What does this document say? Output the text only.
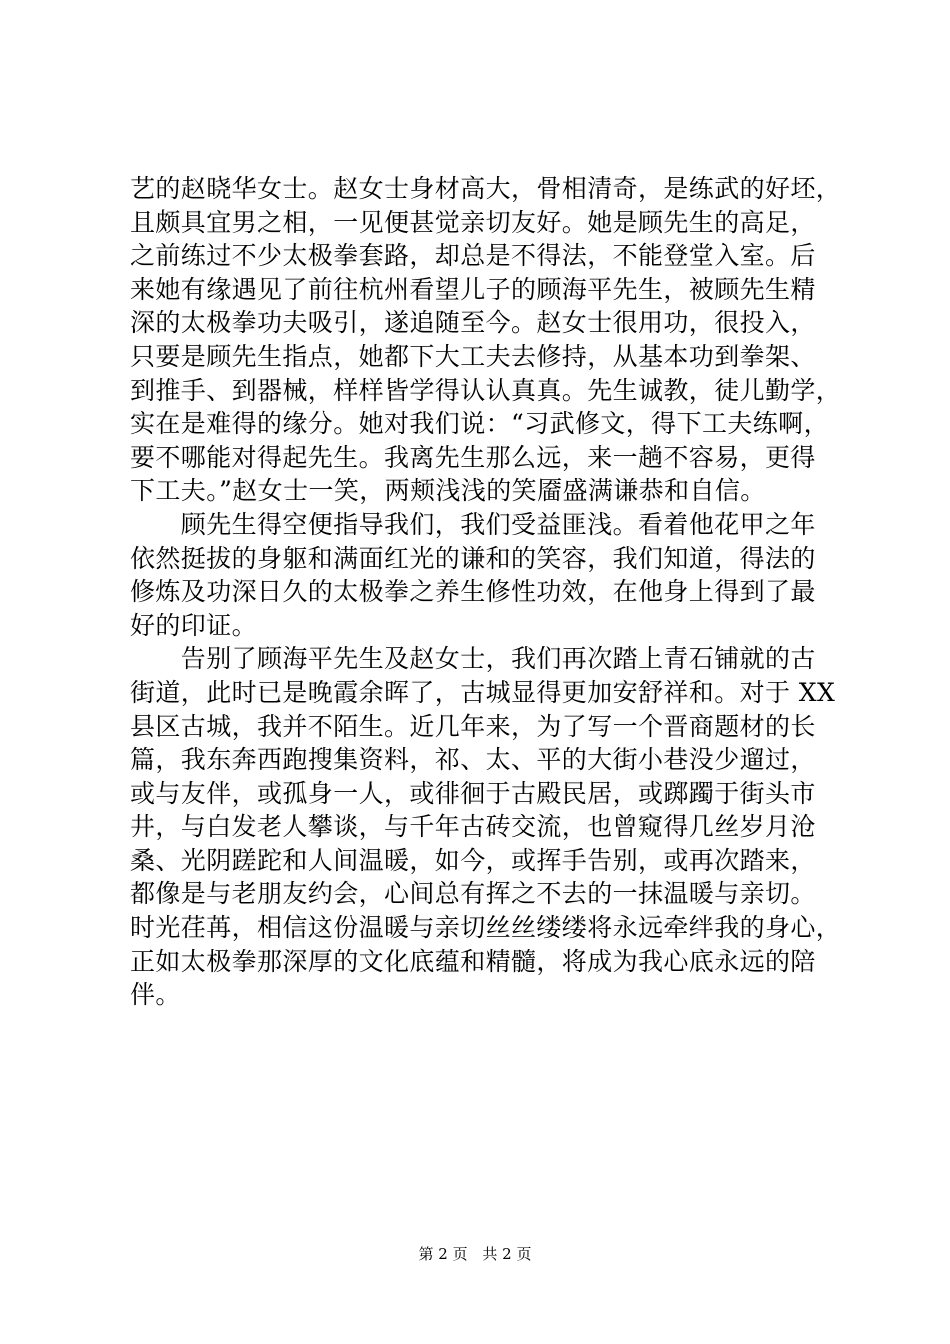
艺的赵晓华女士。赵女士身材高大，骨相清奇，是练武的好坯，
且颇具宜男之相，一见便甚觉亲切友好。她是顾先生的高足，
之前练过不少太极拳套路，却总是不得法，不能登堂入室。后
来她有缘遇见了前往杭州看望儿子的顾海平先生，被顾先生精
深的太极拳功夫吸引，遂追随至今。赵女士很用功，很投入，
只要是顾先生指点，她都下大工夫去修持，从基本功到拳架、
到推手、到器械，样样皆学得认认真真。先生诚教，徒儿勤学，
实在是难得的缘分。她对我们说：“习武修文，得下工夫练啊，
要不哪能对得起先生。我离先生那么远，来一趟不容易，更得
下工夫。”赵女士一笑，两颊浅浅的笑靥盛满谦恭和自信。
　　顾先生得空便指导我们，我们受益匪浅。看着他花甲之年
依然挺拔的身躯和满面红光的谦和的笑容，我们知道，得法的
修炼及功深日久的太极拳之养生修性功效，在他身上得到了最
好的印证。
　　告别了顾海平先生及赵女士，我们再次踏上青石铺就的古
街道，此时已是晚霞余晖了，古城显得更加安舒祥和。对于 XX
县区古城，我并不陌生。近几年来，为了写一个晋商题材的长
篇，我东奔西跑搜集资料，祁、太、平的大街小巷没少遛过，
或与友伴，或孤身一人，或徘徊于古殿民居，或踯躅于街头市
井，与白发老人攀谈，与千年古砖交流，也曾窥得几丝岁月沧
桑、光阴蹉跎和人间温暖，如今，或挥手告别，或再次踏来，
都像是与老朋友约会，心间总有挥之不去的一抹温暖与亲切。
时光荏苒，相信这份温暖与亲切丝丝缕缕将永远牵绊我的身心，
正如太极拳那深厚的文化底蕴和精髓，将成为我心底永远的陪
伴。
第 2 页 共 2 页
